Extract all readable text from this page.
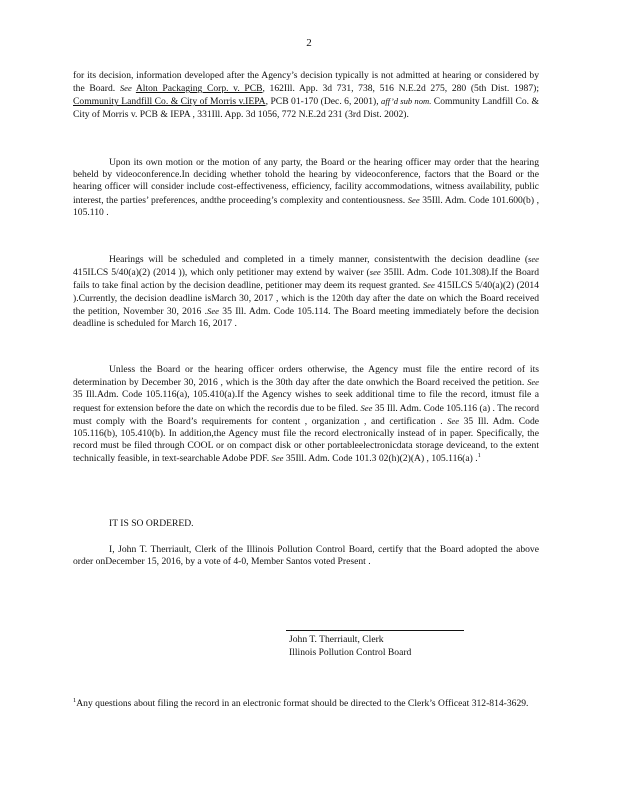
2

for its decision, information developed after the Agency’s decision typically is not admitted at hearing or considered by the Board. See Alton Packaging Corp. v. PCB, 162Ill. App. 3d 731, 738, 516 N.E.2d 275, 280 (5th Dist. 1987); Community Landfill Co. & City of Morris v.IEPA, PCB 01-170 (Dec. 6, 2001), aff’d sub nom. Community Landfill Co. & City of Morris v. PCB & IEPA , 331Ill. App. 3d 1056, 772 N.E.2d 231 (3rd Dist. 2002).

Upon its own motion or the motion of any party, the Board or the hearing officer may order that the hearing beheld by videoconference.In deciding whether tohold the hearing by videoconference, factors that the Board or the hearing officer will consider include cost-effectiveness, efficiency, facility accommodations, witness availability, public interest, the parties’ preferences, andthe proceeding’s complexity and contentiousness. See 35Ill. Adm. Code 101.600(b) , 105.110 .

Hearings will be scheduled and completed in a timely manner, consistentwith the decision deadline (see 415ILCS 5/40(a)(2) (2014 )), which only petitioner may extend by waiver (see 35Ill. Adm. Code 101.308).If the Board fails to take final action by the decision deadline, petitioner may deem its request granted. See 415ILCS 5/40(a)(2) (2014 ).Currently, the decision deadline isMarch 30, 2017 , which is the 120th day after the date on which the Board received the petition, November 30, 2016 .See 35 Ill. Adm. Code 105.114. The Board meeting immediately before the decision deadline is scheduled for March 16, 2017 .

Unless the Board or the hearing officer orders otherwise, the Agency must file the entire record of its determination by December 30, 2016 , which is the 30th day after the date onwhich the Board received the petition. See 35 Ill.Adm. Code 105.116(a), 105.410(a).If the Agency wishes to seek additional time to file the record, itmust file a request for extension before the date on which the recordis due to be filed. See 35 Ill. Adm. Code 105.116 (a) . The record must comply with the Board’s requirements for content , organization , and certification . See 35 Ill. Adm. Code 105.116(b), 105.410(b). In addition,the Agency must file the record electronically instead of in paper. Specifically, the record must be filed through COOL or on compact disk or other portableelectronicdata storage deviceand, to the extent technically feasible, in text-searchable Adobe PDF. See 35Ill. Adm. Code 101.3 02(h)(2)(A) , 105.116(a) .$^1$

IT IS SO ORDERED.

I, John T. Therriault, Clerk of the Illinois Pollution Control Board, certify that the Board adopted the above order onDecember 15, 2016, by a vote of 4-0, Member Santos voted Present .

John T. Therriault, Clerk
Illinois Pollution Control Board
$^1$Any questions about filing the record in an electronic format should be directed to the Clerk’s Officeat 312-814-3629.
